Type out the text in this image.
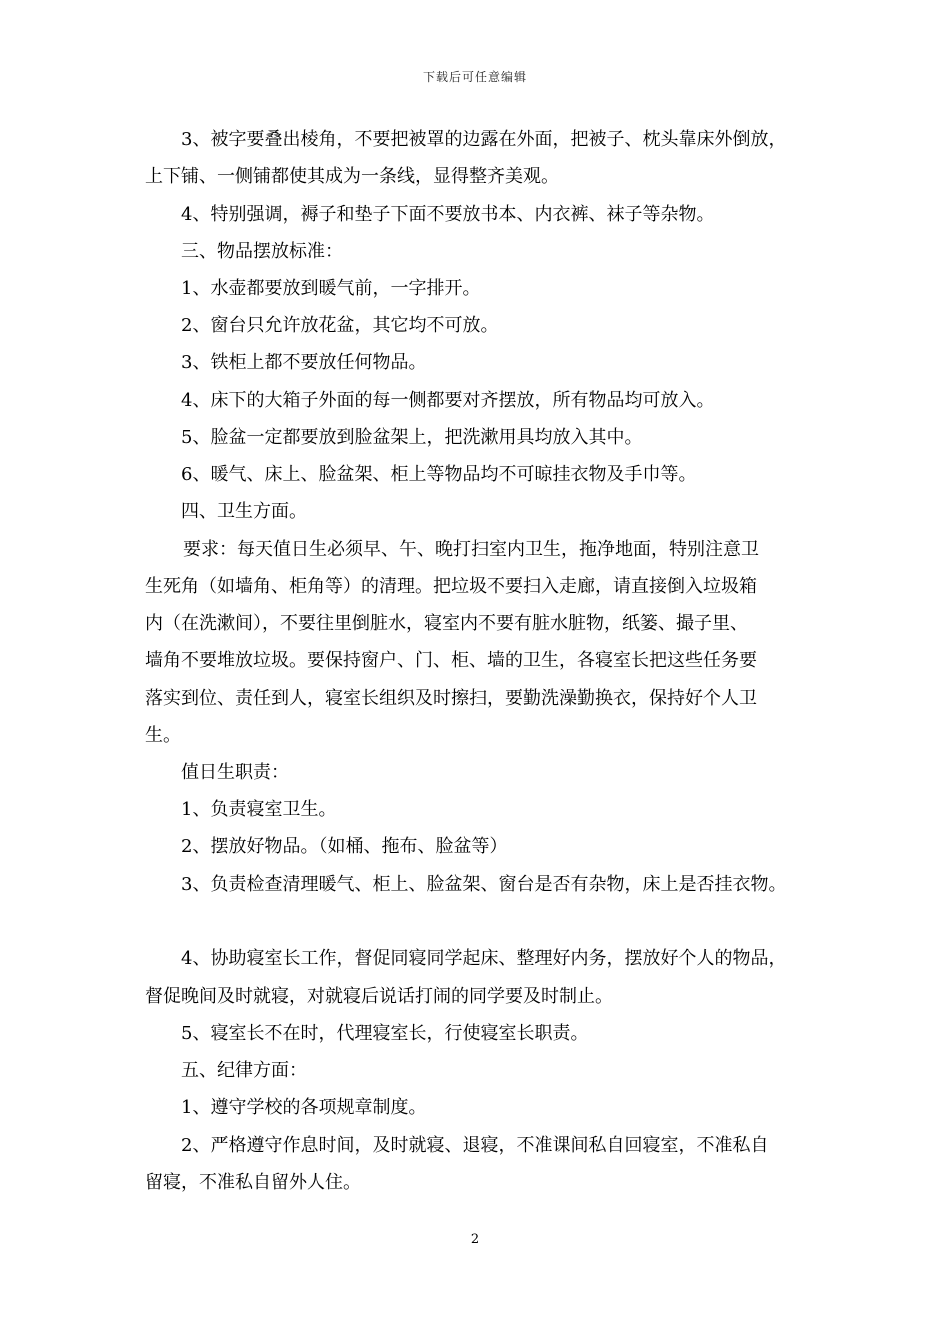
下载后可任意编辑
3、被字要叠出棱角，不要把被罩的边露在外面，把被子、枕头靠床外倒放，
上下铺、一侧铺都使其成为一条线，显得整齐美观。
4、特别强调，褥子和垫子下面不要放书本、内衣裤、袜子等杂物。
三、物品摆放标准：
1、水壶都要放到暖气前，一字排开。
2、窗台只允许放花盆，其它均不可放。
3、铁柜上都不要放任何物品。
4、床下的大箱子外面的每一侧都要对齐摆放，所有物品均可放入。
5、脸盆一定都要放到脸盆架上，把洗漱用具均放入其中。
6、暖气、床上、脸盆架、柜上等物品均不可晾挂衣物及手巾等。
四、卫生方面。
要求：每天值日生必须早、午、晚打扫室内卫生，拖净地面，特别注意卫
生死角（如墙角、柜角等）的清理。把垃圾不要扫入走廊，请直接倒入垃圾箱
内（在洗漱间），不要往里倒脏水，寝室内不要有脏水脏物，纸篓、撮子里、
墙角不要堆放垃圾。要保持窗户、门、柜、墙的卫生，各寝室长把这些任务要
落实到位、责任到人，寝室长组织及时擦扫，要勤洗澡勤换衣，保持好个人卫
生。
值日生职责：
1、负责寝室卫生。
2、摆放好物品。（如桶、拖布、脸盆等）
3、负责检查清理暖气、柜上、脸盆架、窗台是否有杂物，床上是否挂衣物。
4、协助寝室长工作，督促同寝同学起床、整理好内务，摆放好个人的物品，
督促晚间及时就寝，对就寝后说话打闹的同学要及时制止。
5、寝室长不在时，代理寝室长，行使寝室长职责。
五、纪律方面：
1、遵守学校的各项规章制度。
2、严格遵守作息时间，及时就寝、退寝，不准课间私自回寝室，不准私自
留寝，不准私自留外人住。
2
